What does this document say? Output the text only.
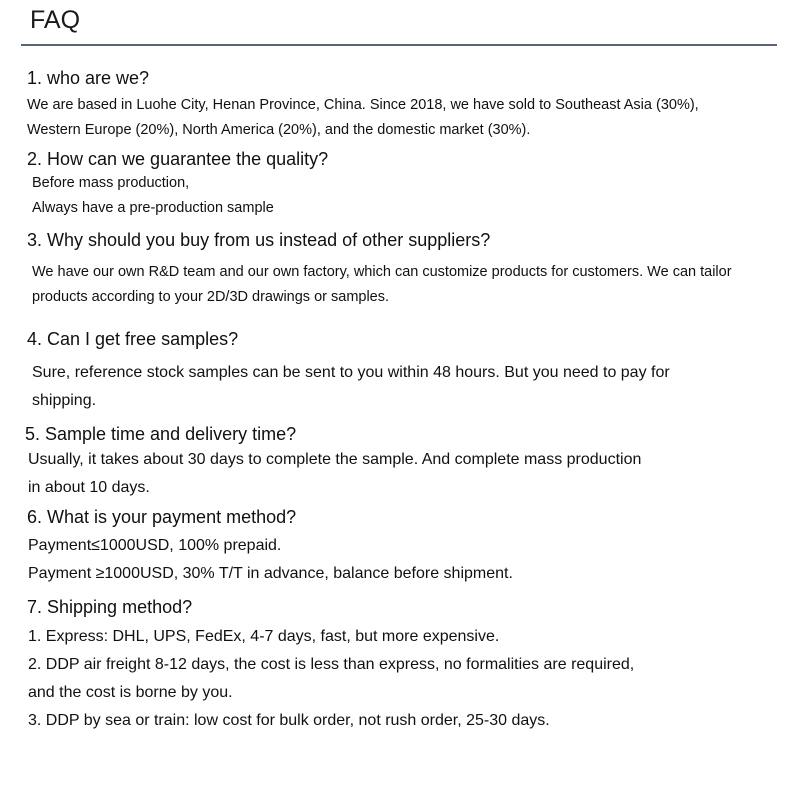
FAQ
1. who are we?
We are based in Luohe City, Henan Province, China. Since 2018, we have sold to Southeast Asia (30%),
Western Europe (20%), North America (20%), and the domestic market (30%).
2. How can we guarantee the quality?
Before mass production,
Always have a pre-production sample
3. Why should you buy from us instead of other suppliers?
We have our own R&D team and our own factory, which can customize products for customers. We can tailor
products according to your 2D/3D drawings or samples.
4. Can I get free samples?
Sure, reference stock samples can be sent to you within 48 hours. But you need to pay for
shipping.
5. Sample time and delivery time?
Usually, it takes about 30 days to complete the sample. And complete mass production
in about 10 days.
6. What is your payment method?
Payment≤1000USD, 100% prepaid.
Payment ≥1000USD, 30% T/T in advance, balance before shipment.
7. Shipping method?
1. Express: DHL, UPS, FedEx, 4-7 days, fast, but more expensive.
2. DDP air freight 8-12 days, the cost is less than express, no formalities are required,
and the cost is borne by you.
3. DDP by sea or train: low cost for bulk order, not rush order, 25-30 days.
